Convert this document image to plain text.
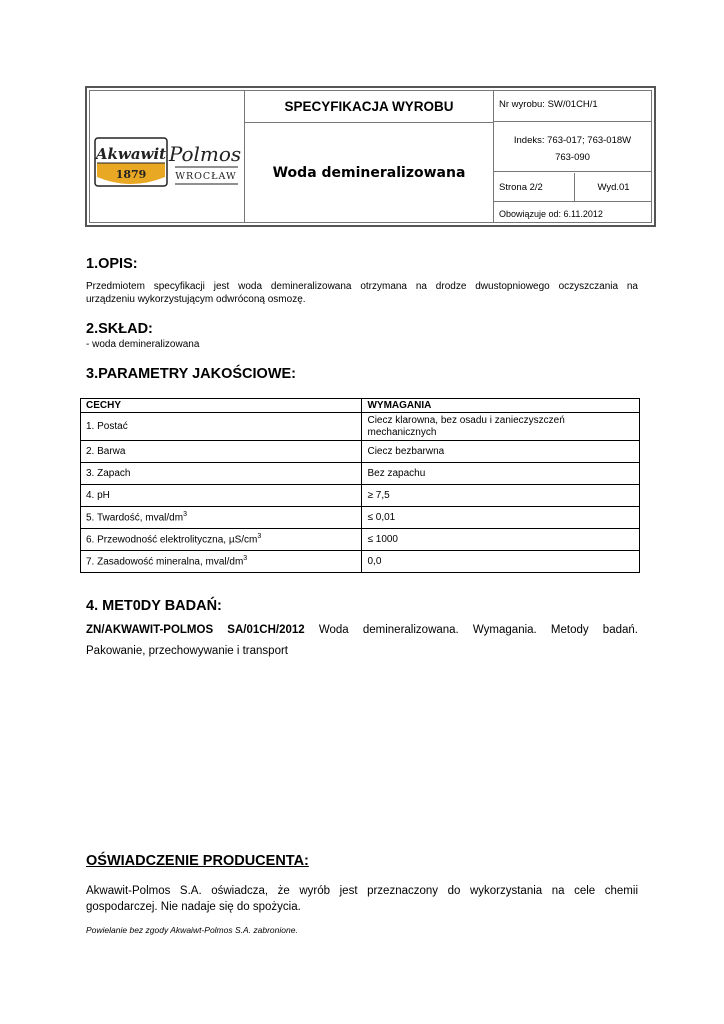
Akwawit
1879
Polmos
WROCŁAW
SPECYFIKACJA WYROBU
Woda demineralizowana
Nr wyrobu: SW/01CH/1
Indeks: 763-017; 763-018W
763-090
Strona 2/2	Wyd.01
Obowiązuje od: 6.11.2012
1.OPIS:
Przedmiotem specyfikacji jest woda demineralizowana otrzymana na drodze dwustopniowego oczyszczania na
urządzeniu wykorzystującym odwróconą osmozę.
2.SKŁAD:
- woda demineralizowana
3.PARAMETRY JAKOŚCIOWE:
CECHY	WYMAGANIA
1. Postać	Ciecz klarowna, bez osadu i zanieczyszczeń mechanicznych
2. Barwa	Ciecz bezbarwna
3. Zapach	Bez zapachu
4. pH	≥ 7,5
5. Twardość, mval/$dm^3$	≤ 0,01
6. Przewodność elektrolityczna, $\mu S/cm^3$	≤ 1000
7. Zasadowość mineralna, mval/$dm^3$	0,0
4. MET0DY BADAŃ:
ZN/AKWAWIT-POLMOS SA/01CH/2012 Woda demineralizowana. Wymagania. Metody badań.
Pakowanie, przechowywanie i transport
OŚWIADCZENIE PRODUCENTA:
Akwawit-Polmos S.A. oświadcza, że wyrób jest przeznaczony do wykorzystania na cele chemii
gospodarczej. Nie nadaje się do spożycia.
Powielanie bez zgody Akwaiwt-Polmos S.A. zabronione.
